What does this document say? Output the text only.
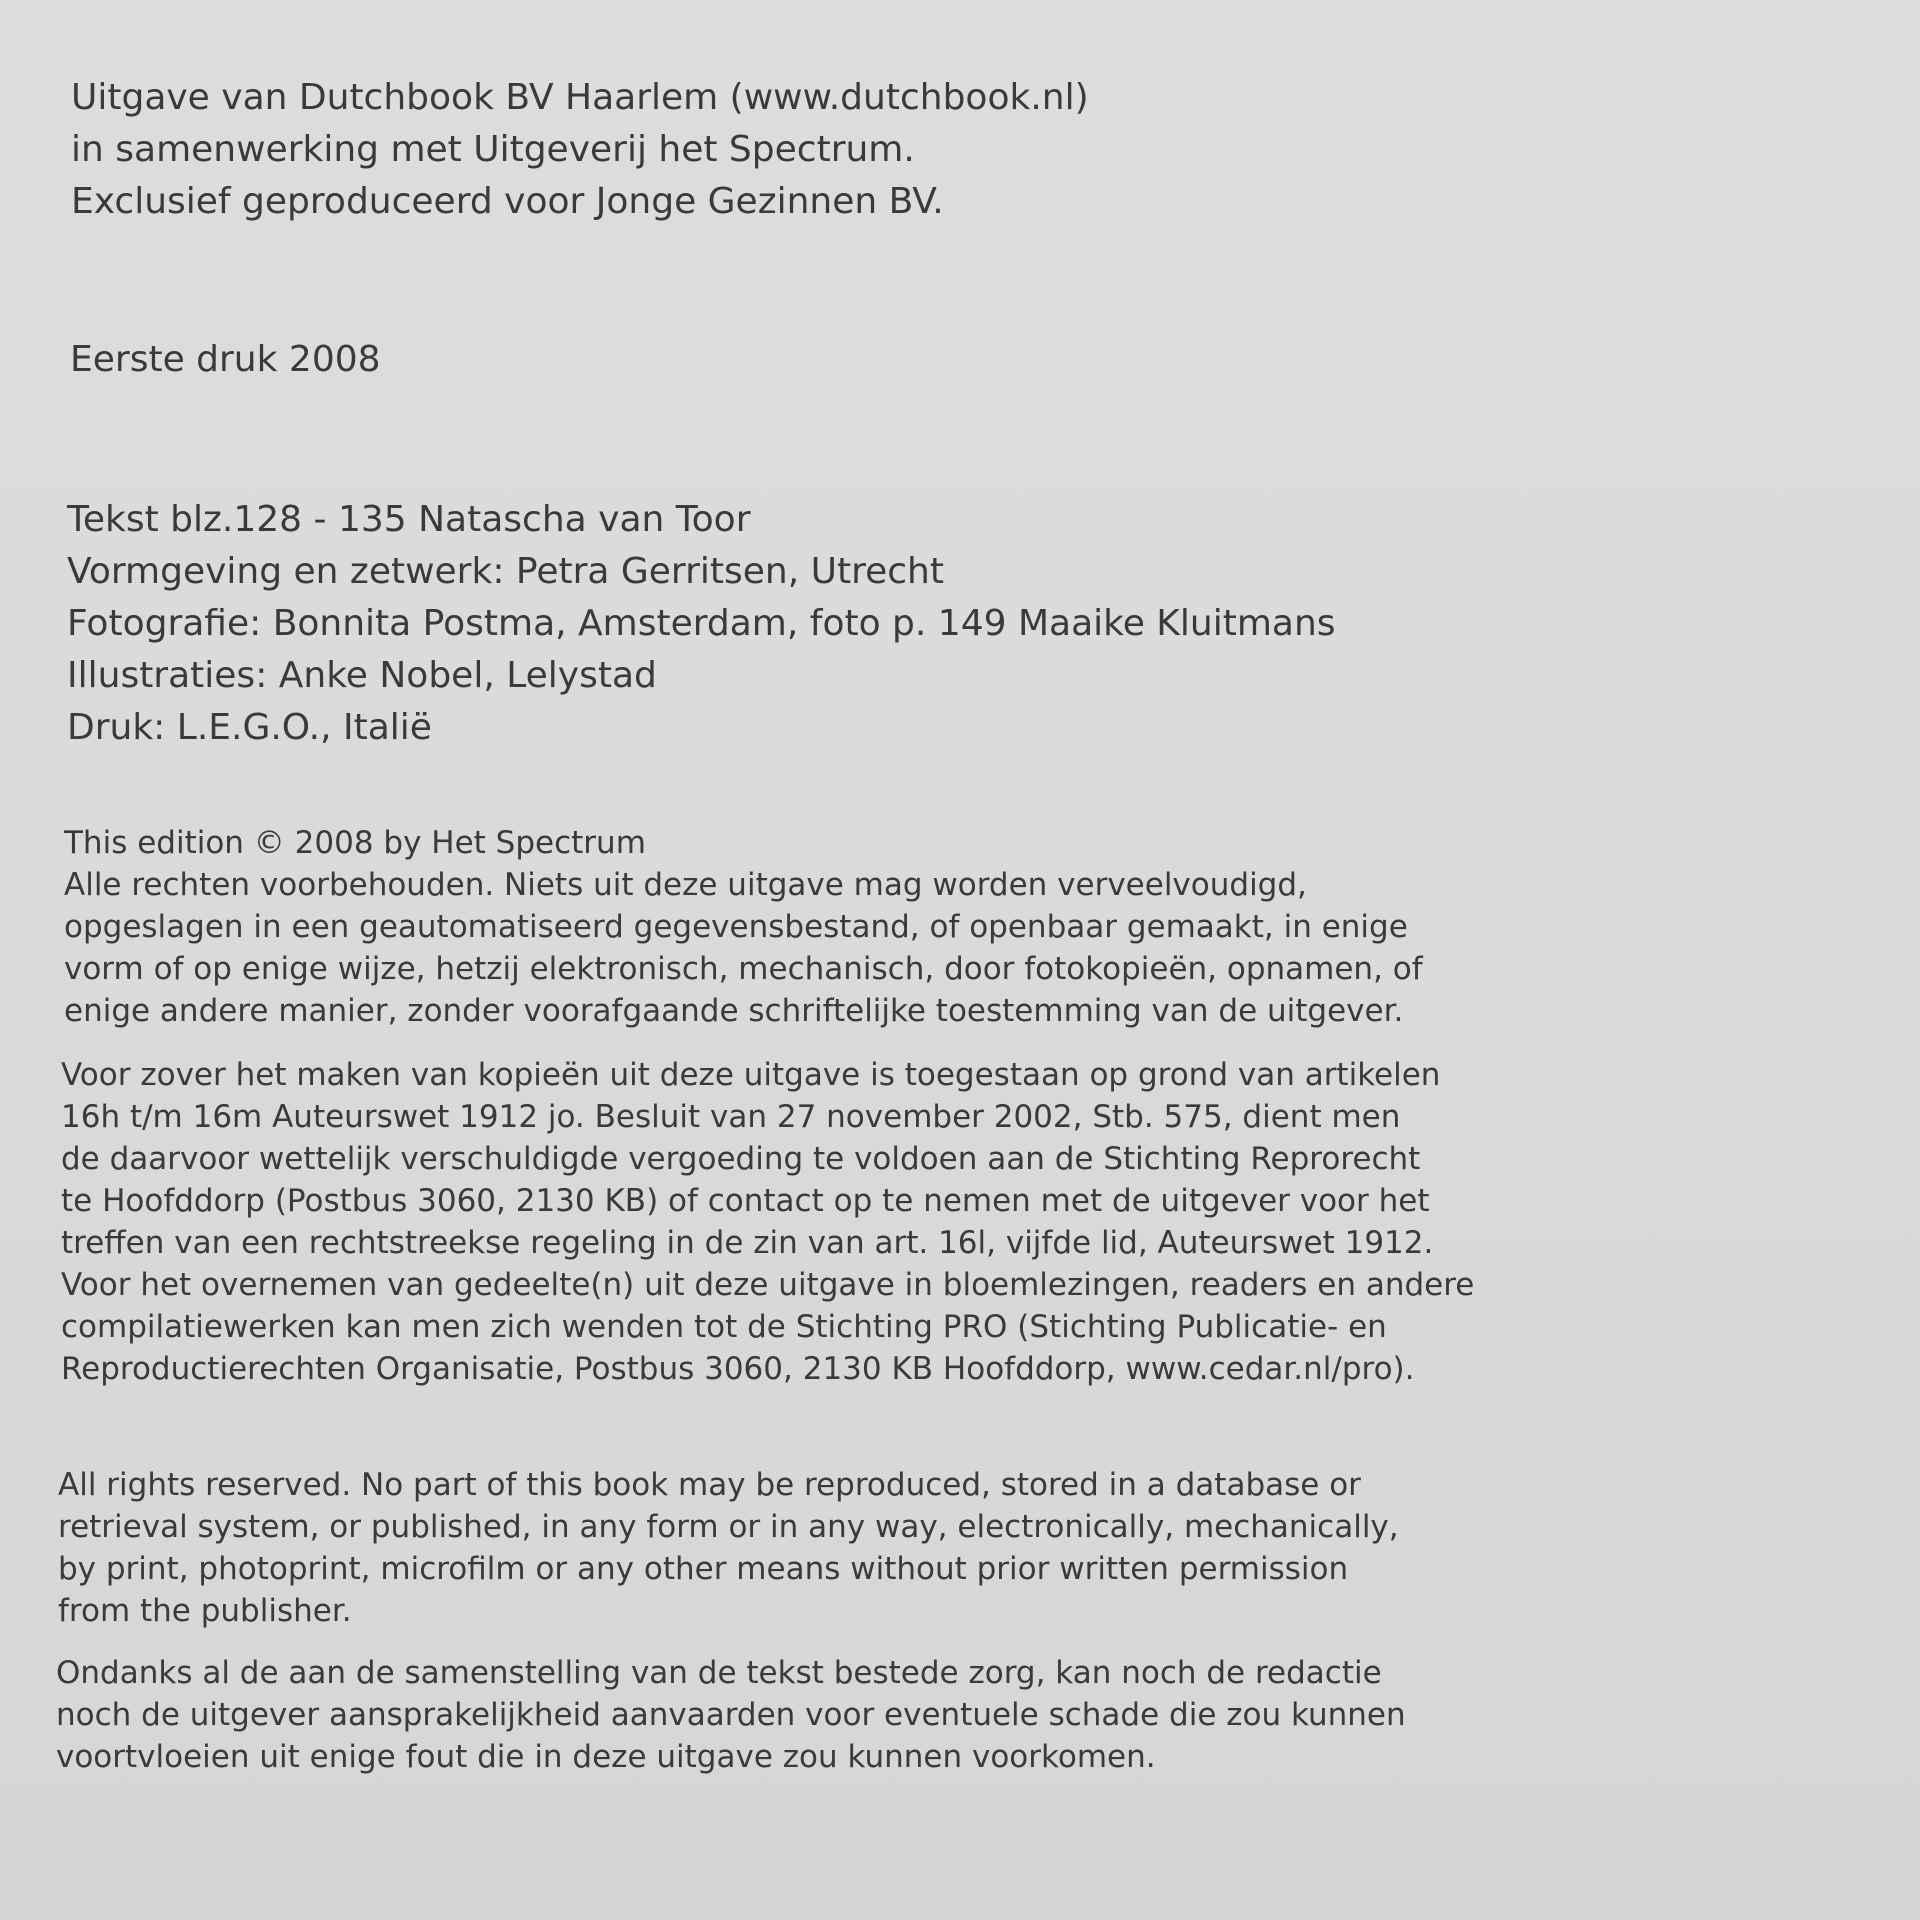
Uitgave van Dutchbook BV Haarlem (www.dutchbook.nl)
in samenwerking met Uitgeverij het Spectrum.
Exclusief geproduceerd voor Jonge Gezinnen BV.
Eerste druk 2008
Tekst blz.128 - 135 Natascha van Toor
Vormgeving en zetwerk: Petra Gerritsen, Utrecht
Fotografie: Bonnita Postma, Amsterdam, foto p. 149 Maaike Kluitmans
Illustraties: Anke Nobel, Lelystad
Druk: L.E.G.O., Italië
This edition © 2008 by Het Spectrum
Alle rechten voorbehouden. Niets uit deze uitgave mag worden verveelvoudigd,
opgeslagen in een geautomatiseerd gegevensbestand, of openbaar gemaakt, in enige
vorm of op enige wijze, hetzij elektronisch, mechanisch, door fotokopieën, opnamen, of
enige andere manier, zonder voorafgaande schriftelijke toestemming van de uitgever.
Voor zover het maken van kopieën uit deze uitgave is toegestaan op grond van artikelen
16h t/m 16m Auteurswet 1912 jo. Besluit van 27 november 2002, Stb. 575, dient men
de daarvoor wettelijk verschuldigde vergoeding te voldoen aan de Stichting Reprorecht
te Hoofddorp (Postbus 3060, 2130 KB) of contact op te nemen met de uitgever voor het
treffen van een rechtstreekse regeling in de zin van art. 16l, vijfde lid, Auteurswet 1912.
Voor het overnemen van gedeelte(n) uit deze uitgave in bloemlezingen, readers en andere
compilatiewerken kan men zich wenden tot de Stichting PRO (Stichting Publicatie- en
Reproductierechten Organisatie, Postbus 3060, 2130 KB Hoofddorp, www.cedar.nl/pro).
All rights reserved. No part of this book may be reproduced, stored in a database or
retrieval system, or published, in any form or in any way, electronically, mechanically,
by print, photoprint, microfilm or any other means without prior written permission
from the publisher.
Ondanks al de aan de samenstelling van de tekst bestede zorg, kan noch de redactie
noch de uitgever aansprakelijkheid aanvaarden voor eventuele schade die zou kunnen
voortvloeien uit enige fout die in deze uitgave zou kunnen voorkomen.
